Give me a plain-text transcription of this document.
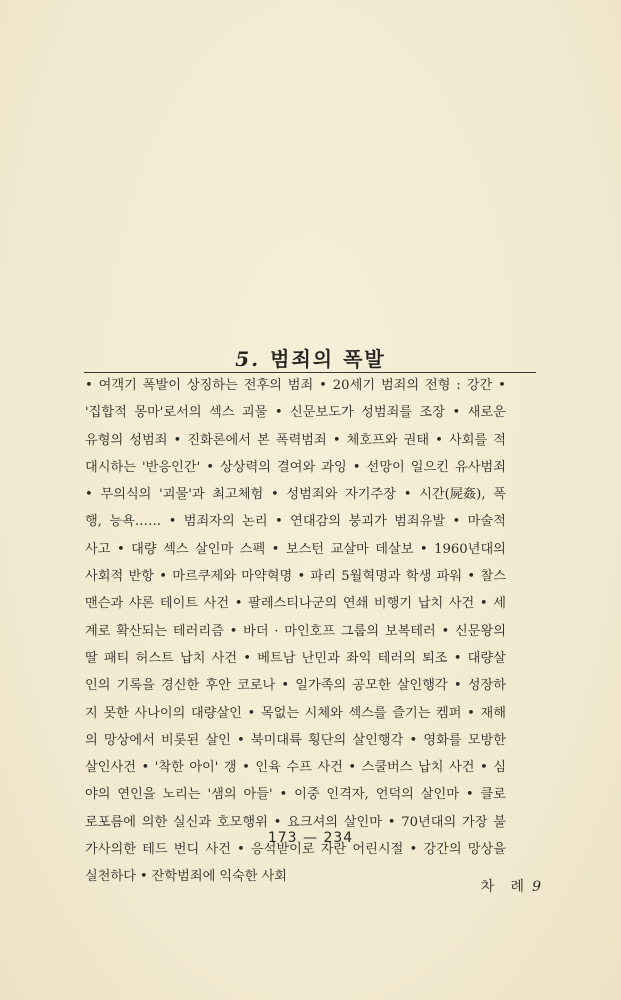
5. 범죄의 폭발
• 여객기 폭발이 상징하는 전후의 범죄 • 20세기 범죄의 전형 : 강간 •
'집합적 몽마'로서의 섹스 괴물 • 신문보도가 성범죄를 조장 • 새로운
유형의 성범죄 • 진화론에서 본 폭력범죄 • 체호프와 권태 • 사회를 적
대시하는 '반응인간' • 상상력의 결여와 과잉 • 선망이 일으킨 유사범죄
• 무의식의 '괴물'과 최고체험 • 성범죄와 자기주장 • 시간(屍姦), 폭
행, 능욕…… • 범죄자의 논리 • 연대감의 붕괴가 범죄유발 • 마술적
사고 • 대량 섹스 살인마 스펙 • 보스턴 교살마 데살보 • 1960년대의
사회적 반항 • 마르쿠제와 마약혁명 • 파리 5월혁명과 학생 파워 • 찰스
맨슨과 샤론 테이트 사건 • 팔레스티나군의 연쇄 비행기 납치 사건 • 세
계로 확산되는 테러리즘 • 바더 · 마인호프 그룹의 보복테러 • 신문왕의
딸 패티 허스트 납치 사건 • 베트남 난민과 좌익 테러의 퇴조 • 대량살
인의 기록을 경신한 후안 코로나 • 일가족의 공모한 살인행각 • 성장하
지 못한 사나이의 대량살인 • 목없는 시체와 섹스를 즐기는 켐퍼 • 재해
의 망상에서 비롯된 살인 • 북미대륙 횡단의 살인행각 • 영화를 모방한
살인사건 • '착한 아이' 갱 • 인육 수프 사건 • 스쿨버스 납치 사건 • 심
야의 연인을 노리는 '샘의 아들' • 이중 인격자, 언덕의 살인마 • 클로
로포름에 의한 실신과 호모행위 • 요크셔의 살인마 • 70년대의 가장 불
가사의한 테드 번디 사건 • 응석받이로 자란 어린시절 • 강간의 망상을
실천하다 • 잔학범죄에 익숙한 사회
173 — 234
차 례 9
